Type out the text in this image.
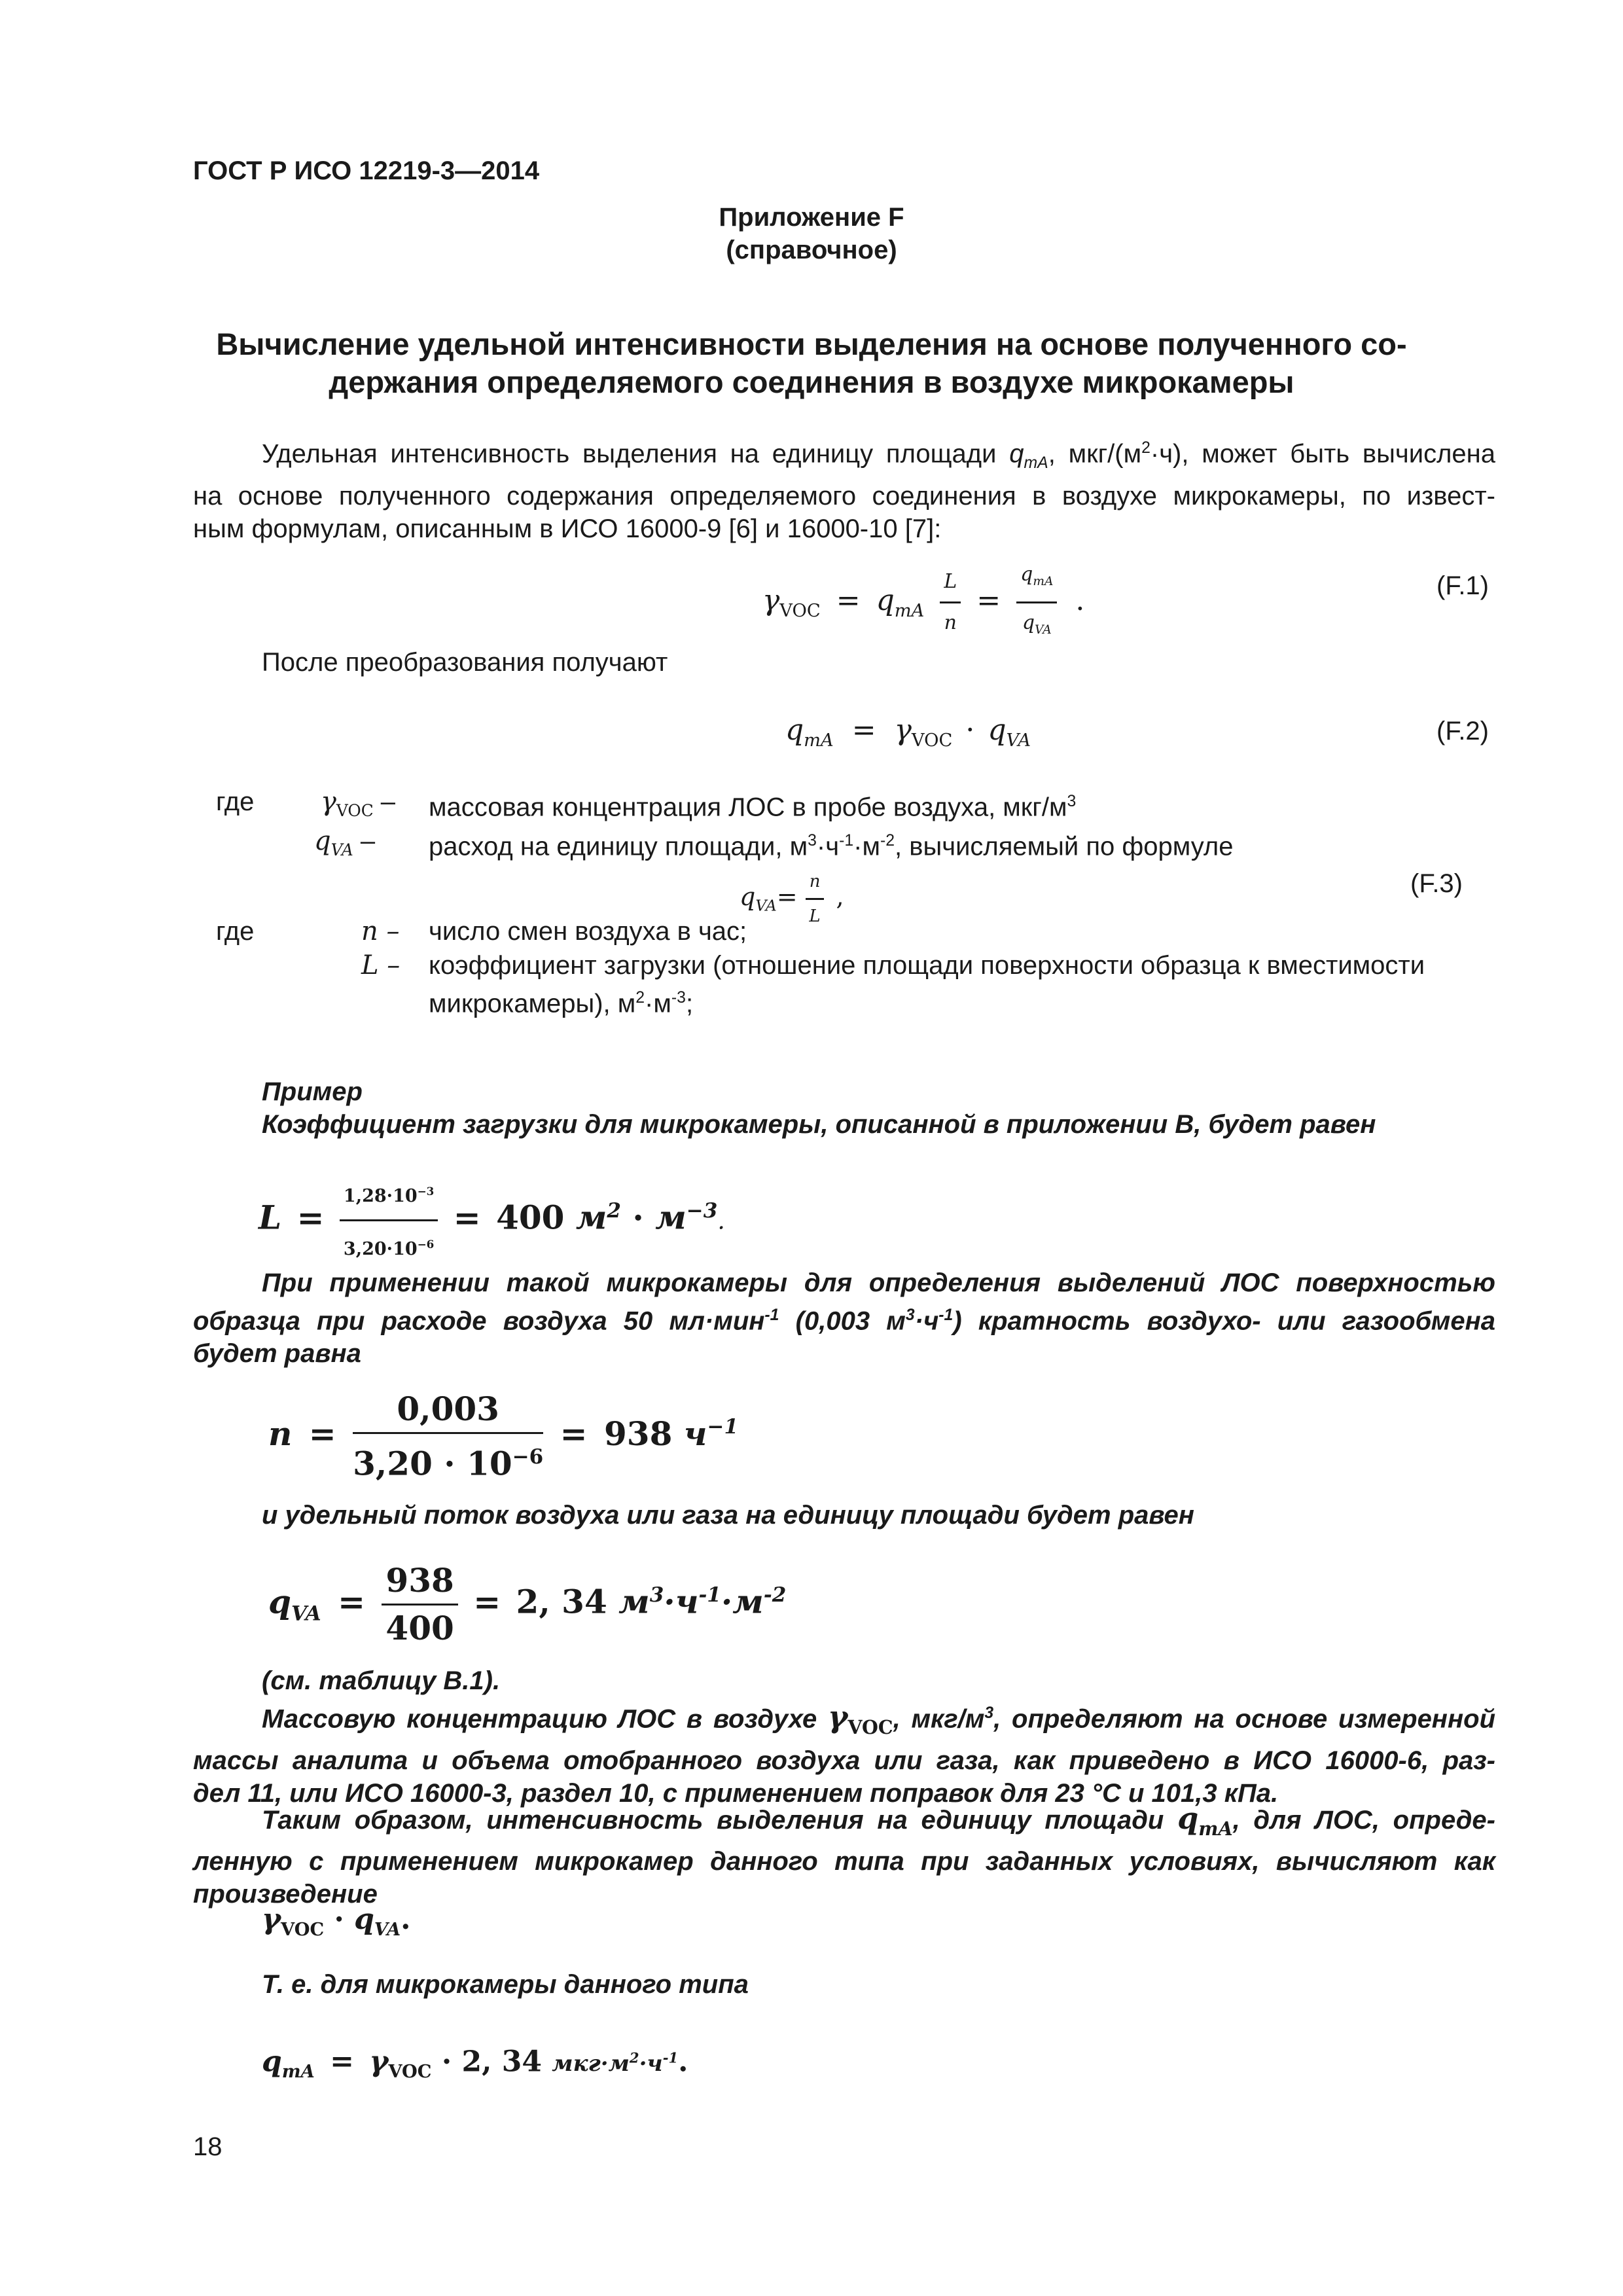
ГОСТ Р ИСО 12219-3—2014
Приложение F
(справочное)
Вычисление удельной интенсивности выделения на основе полученного со-
держания определяемого соединения в воздухе микрокамеры
Удельная интенсивность выделения на единицу площади $q_{mA}$, мкг/$(м^2\cdot ч)$, может быть вычислена
на основе полученного содержания определяемого соединения в воздухе микрокамеры, по извест-
ным формулам, описанным в ИСО 16000-9 [6] и 16000-10 [7]:
$\gamma_{VOC} = q_{mA} \frac{L}{n} = \frac{q_{mA}}{q_{VA}}$ .	(F.1)
После преобразования получают
$q_{mA} = \gamma_{VOC} \cdot q_{VA}$	(F.2)
где	$\gamma_{VOC}$ – массовая концентрация ЛОС в пробе воздуха, мкг/$м^3$
$q_{VA}$ – расход на единицу площади, $м^3\cdot ч^{-1}\cdot м^{-2}$, вычисляемый по формуле
$q_{VA}= \frac{n}{L}$ ,	(F.3)
где	n – число смен воздуха в час;
L – коэффициент загрузки (отношение площади поверхности образца к вместимости
микрокамеры), $м^2\cdot м^{-3}$;
Пример
Коэффициент загрузки для микрокамеры, описанной в приложении В, будет равен
$L = \frac{1,28\cdot 10^{-3}}{3,20\cdot 10^{-6}} = 400$ $м^2 \cdot м^{-3}$.
При применении такой микрокамеры для определения выделений ЛОС поверхностью
образца при расходе воздуха 50 мл·мин$^{-1}$ (0,003 $м^3\cdot ч^{-1}$) кратность воздухо- или газообмена
будет равна
$n = \frac{0,003}{3,20 \cdot 10^{-6}} = 938$ $ч^{-1}$
и удельный поток воздуха или газа на единицу площади будет равен
$q_{VA} = \frac{938}{400} = 2$, 34 $м^3\cdot ч^{-1}\cdot м^{-2}$
(см. таблицу В.1).
Массовую концентрацию ЛОС в воздухе $\gamma_{VOC}$, мкг/$м^3$, определяют на основе измеренной
массы аналита и объема отобранного воздуха или газа, как приведено в ИСО 16000-6, раз-
дел 11, или ИСО 16000-3, раздел 10, с применением поправок для 23 °С и 101,3 кПа.
Таким образом, интенсивность выделения на единицу площади $q_{mA}$, для ЛОС, опреде-
ленную с применением микрокамер данного типа при заданных условиях, вычисляют как
произведение
$\gamma_{VOC} \cdot q_{VA}$.
Т. е. для микрокамеры данного типа
$q_{mA} = \gamma_{VOC} \cdot 2$, 34 $мкг\cdot м^2\cdot ч^{-1}$.
18
